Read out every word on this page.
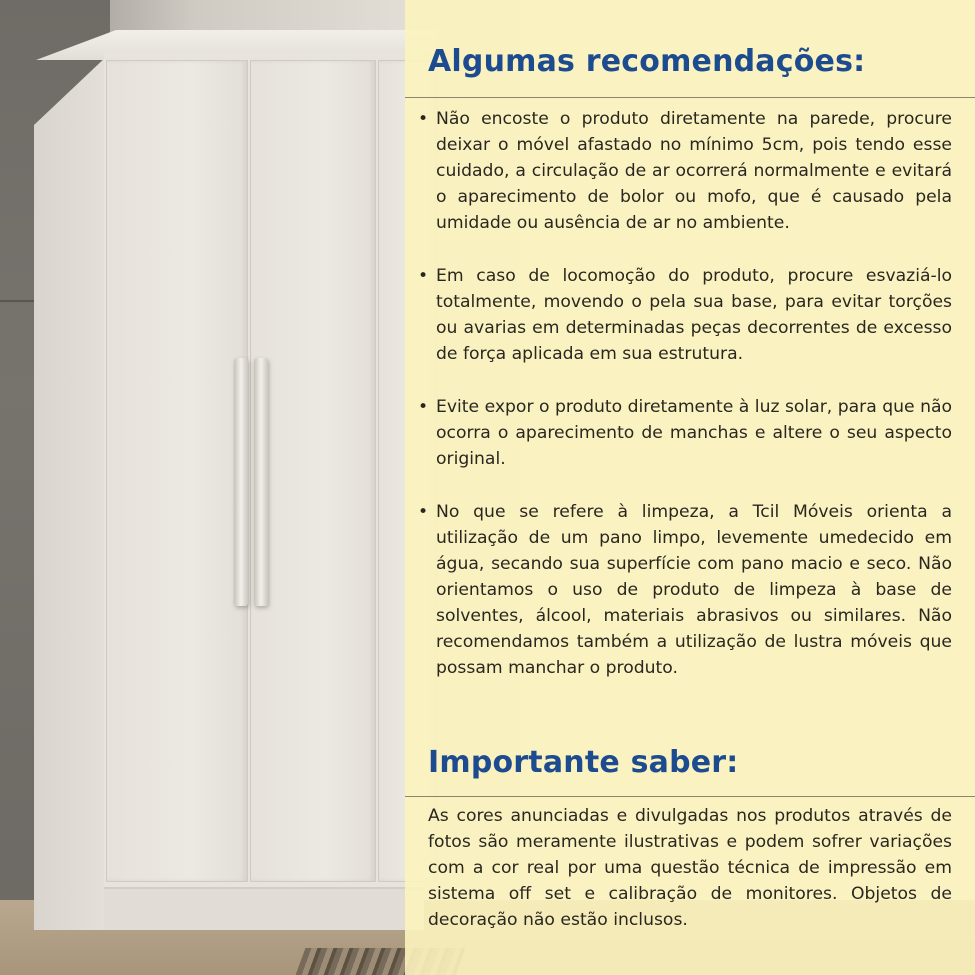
Algumas recomendações:
• Não encoste o produto diretamente na parede, procure deixar o móvel afastado no mínimo 5cm, pois tendo esse cuidado, a circulação de ar ocorrerá normalmente e evitará o aparecimento de bolor ou mofo, que é causado pela umidade ou ausência de ar no ambiente.
• Em caso de locomoção do produto, procure esvaziá-lo totalmente, movendo o pela sua base, para evitar torções ou avarias em determinadas peças decorrentes de excesso de força aplicada em sua estrutura.
• Evite expor o produto diretamente à luz solar, para que não ocorra o aparecimento de manchas e altere o seu aspecto original.
• No que se refere à limpeza, a Tcil Móveis orienta a utilização de um pano limpo, levemente umedecido em água, secando sua superfície com pano macio e seco. Não orientamos o uso de produto de limpeza à base de solventes, álcool, materiais abrasivos ou similares. Não recomendamos também a utilização de lustra móveis que possam manchar o produto.
Importante saber:

As cores anunciadas e divulgadas nos produtos através de fotos são meramente ilustrativas e podem sofrer variações com a cor real por uma questão técnica de impressão em sistema off set e calibração de monitores. Objetos de decoração não estão inclusos.
